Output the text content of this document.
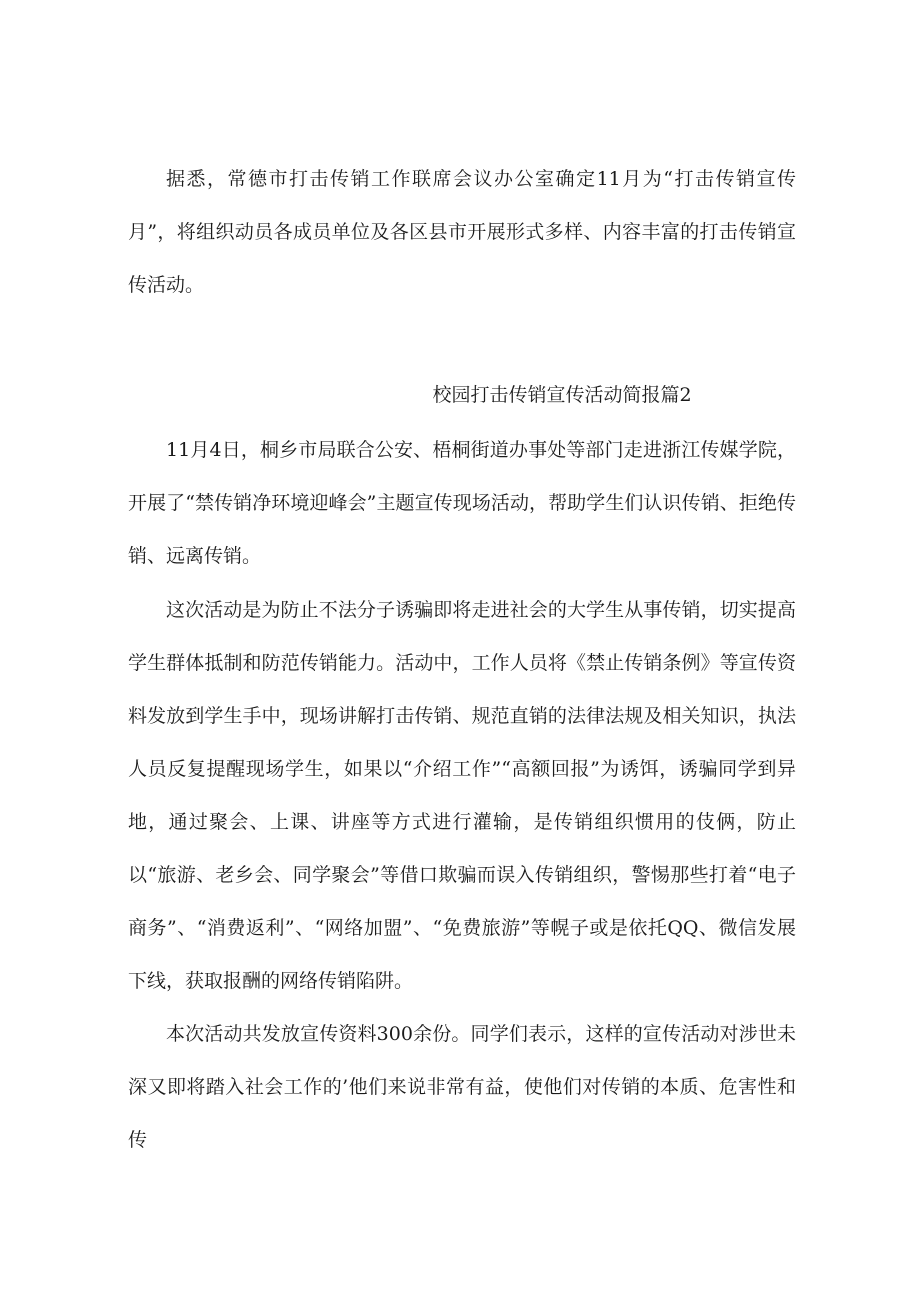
据悉，常德市打击传销工作联席会议办公室确定11月为“打击传销宣传月”，将组织动员各成员单位及各区县市开展形式多样、内容丰富的打击传销宣传活动。

校园打击传销宣传活动简报篇2

11月4日，桐乡市局联合公安、梧桐街道办事处等部门走进浙江传媒学院，开展了“禁传销净环境迎峰会”主题宣传现场活动，帮助学生们认识传销、拒绝传销、远离传销。

这次活动是为防止不法分子诱骗即将走进社会的大学生从事传销，切实提高学生群体抵制和防范传销能力。活动中，工作人员将《禁止传销条例》等宣传资料发放到学生手中，现场讲解打击传销、规范直销的法律法规及相关知识，执法人员反复提醒现场学生，如果以“介绍工作”“高额回报”为诱饵，诱骗同学到异地，通过聚会、上课、讲座等方式进行灌输，是传销组织惯用的伎俩，防止以“旅游、老乡会、同学聚会”等借口欺骗而误入传销组织，警惕那些打着“电子商务”、“消费返利”、“网络加盟”、“免费旅游”等幌子或是依托QQ、微信发展下线，获取报酬的网络传销陷阱。

本次活动共发放宣传资料300余份。同学们表示，这样的宣传活动对涉世未深又即将踏入社会工作的’他们来说非常有益，使他们对传销的本质、危害性和传
